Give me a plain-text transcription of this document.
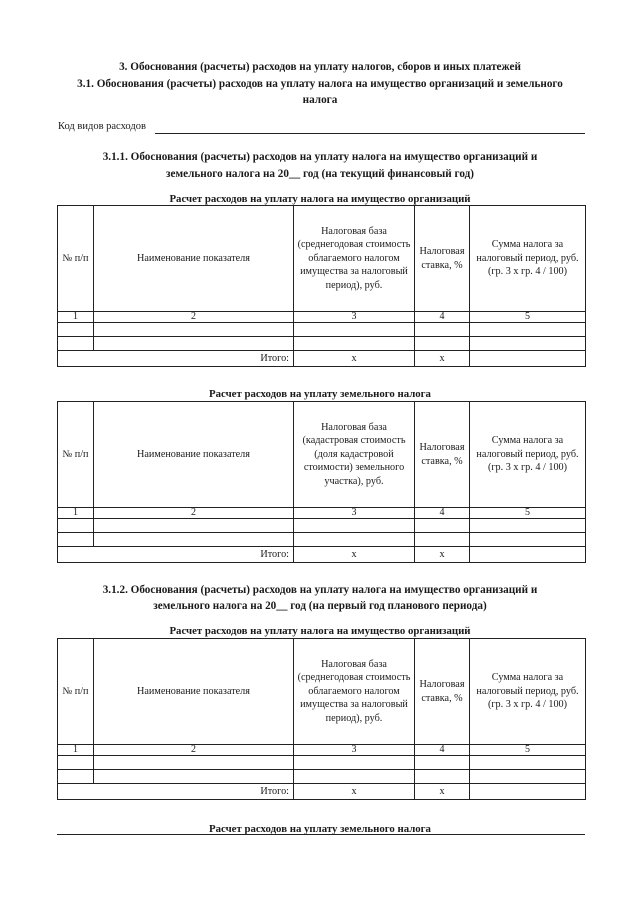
3. Обоснования (расчеты) расходов на уплату налогов, сборов и иных платежей
3.1. Обоснования (расчеты) расходов на уплату налога на имущество организаций и земельного
налога
Код видов расходов
3.1.1. Обоснования (расчеты) расходов на уплату налога на имущество организаций и
земельного налога на 20__ год (на текущий финансовый год)
Расчет расходов на уплату налога на имущество организаций
№ п/п	Наименование показателя	Налоговая база (среднегодовая стоимость облагаемого налогом имущества за налоговый период), руб.	Налоговая ставка, %	Сумма налога за налоговый период, руб. (гр. 3 х гр. 4 / 100)
1	2	3	4	5

Итого:		х	х	
Расчет расходов на уплату земельного налога
№ п/п	Наименование показателя	Налоговая база (кадастровая стоимость (доля кадастровой стоимости) земельного участка), руб.	Налоговая ставка, %	Сумма налога за налоговый период, руб. (гр. 3 х гр. 4 / 100)
1	2	3	4	5

Итого:		х	х	
3.1.2. Обоснования (расчеты) расходов на уплату налога на имущество организаций и
земельного налога на 20__ год (на первый год планового периода)
Расчет расходов на уплату налога на имущество организаций
№ п/п	Наименование показателя	Налоговая база (среднегодовая стоимость облагаемого налогом имущества за налоговый период), руб.	Налоговая ставка, %	Сумма налога за налоговый период, руб. (гр. 3 х гр. 4 / 100)
1	2	3	4	5

Итого:		х	х	
Расчет расходов на уплату земельного налога
